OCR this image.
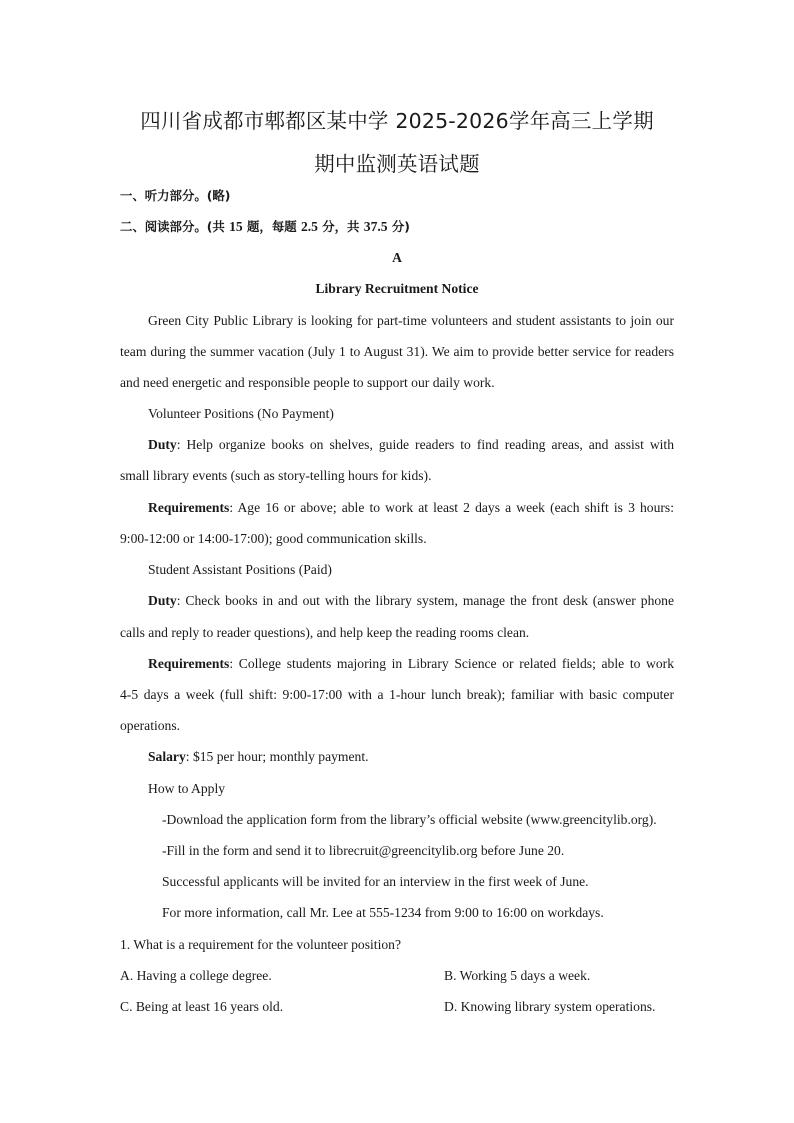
四川省成都市郫都区某中学 2025-2026学年高三上学期
期中监测英语试题
一、听力部分。(略)
二、阅读部分。(共 15 题，每题 2.5 分，共 37.5 分)
A
Library Recruitment Notice
Green City Public Library is looking for part-time volunteers and student assistants to join our
team during the summer vacation (July 1 to August 31). We aim to provide better service for readers
and need energetic and responsible people to support our daily work.
Volunteer Positions (No Payment)
Duty: Help organize books on shelves, guide readers to find reading areas, and assist with
small library events (such as story-telling hours for kids).
Requirements: Age 16 or above; able to work at least 2 days a week (each shift is 3 hours:
9:00-12:00 or 14:00-17:00); good communication skills.
Student Assistant Positions (Paid)
Duty: Check books in and out with the library system, manage the front desk (answer phone
calls and reply to reader questions), and help keep the reading rooms clean.
Requirements: College students majoring in Library Science or related fields; able to work
4-5 days a week (full shift: 9:00-17:00 with a 1-hour lunch break); familiar with basic computer
operations.
Salary: $15 per hour; monthly payment.
How to Apply
-Download the application form from the library’s official website (www.greencitylib.org).
-Fill in the form and send it to librecruit@greencitylib.org before June 20.
Successful applicants will be invited for an interview in the first week of June.
For more information, call Mr. Lee at 555-1234 from 9:00 to 16:00 on workdays.
1. What is a requirement for the volunteer position?
A. Having a college degree.	B. Working 5 days a week.
C. Being at least 16 years old.	D. Knowing library system operations.
